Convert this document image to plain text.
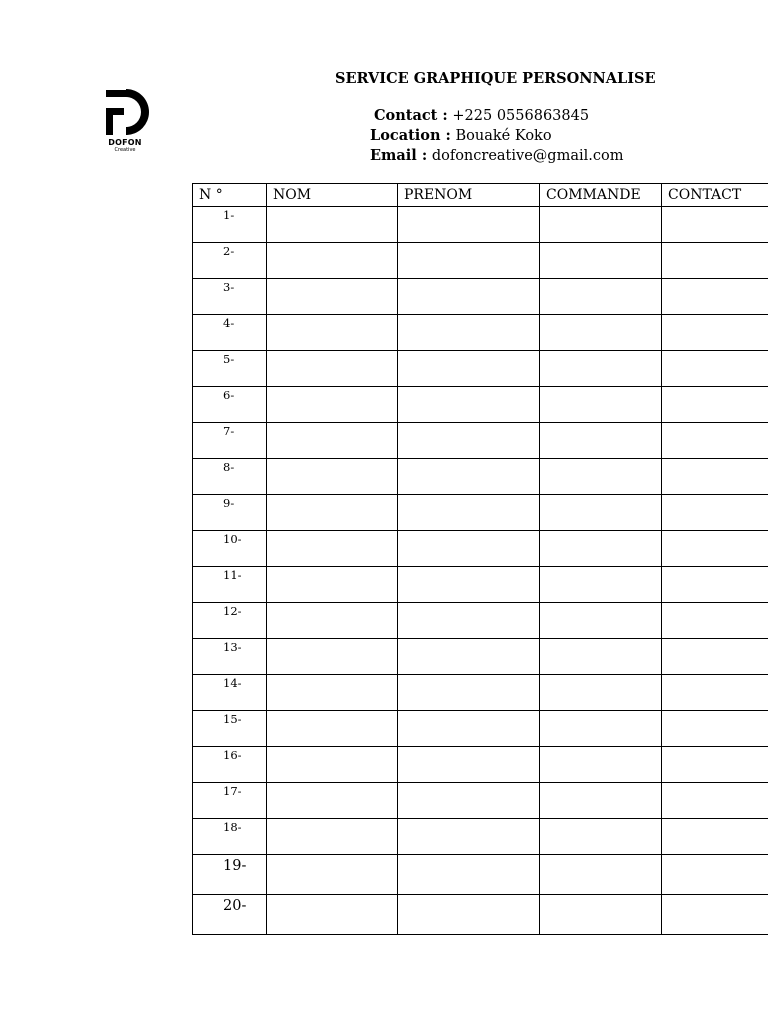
DOFON
Creative
SERVICE GRAPHIQUE PERSONNALISE
Contact : +225 0556863845
Location : Bouaké Koko
Email : dofoncreative@gmail.com
N °	NOM	PRENOM	COMMANDE	CONTACT
1-				
2-				
3-				
4-				
5-				
6-				
7-				
8-				
9-				
10-				
11-				
12-				
13-				
14-				
15-				
16-				
17-				
18-				
19-				
20-				
